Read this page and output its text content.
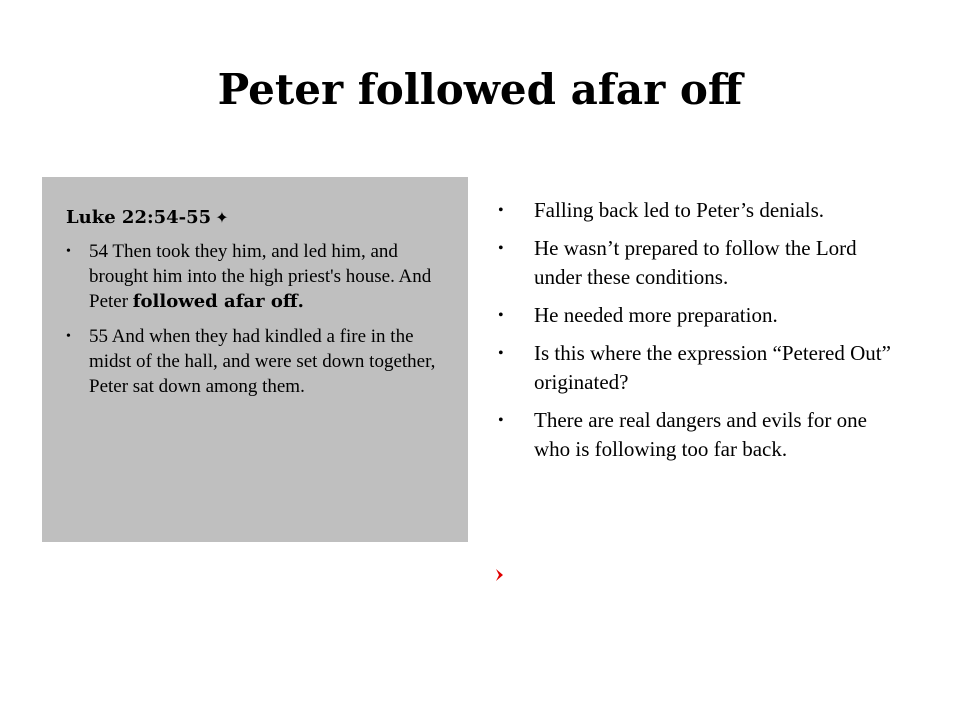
Peter followed afar off
Luke 22:54-55 ✦
• 54 Then took they him, and led him, and brought him into the high priest's house. And Peter followed afar off.
• 55 And when they had kindled a fire in the midst of the hall, and were set down together, Peter sat down among them.
• Falling back led to Peter’s denials.
• He wasn’t prepared to follow the Lord under these conditions.
• He needed more preparation.
• Is this where the expression “Petered Out” originated?
• There are real dangers and evils for one who is following too far back.
